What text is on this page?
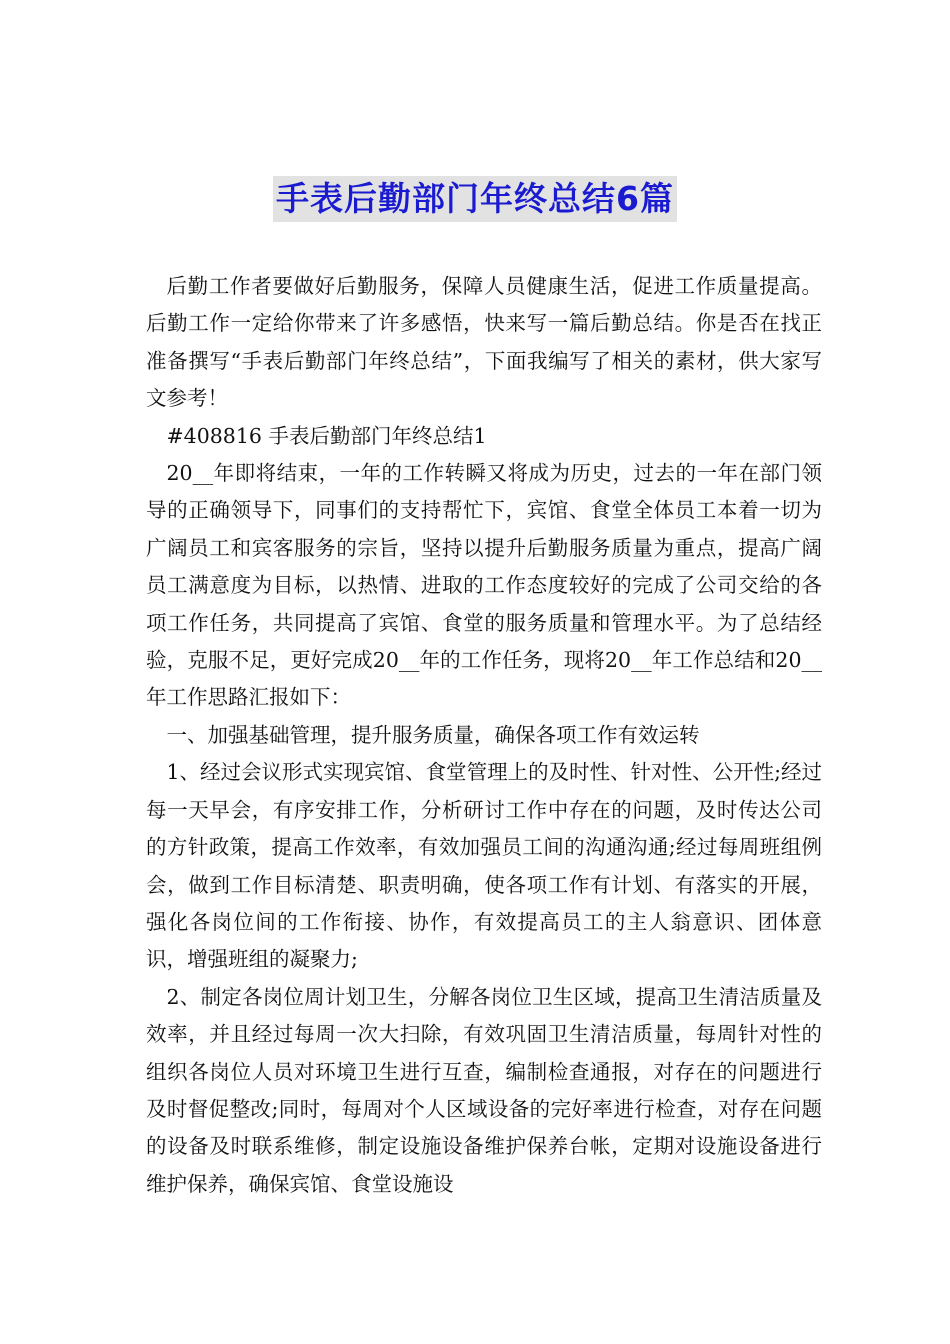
手表后勤部门年终总结6篇

后勤工作者要做好后勤服务，保障人员健康生活，促进工作质量提高。后勤工作一定给你带来了许多感悟，快来写一篇后勤总结。你是否在找正准备撰写“手表后勤部门年终总结”，下面我编写了相关的素材，供大家写文参考！

#408816 手表后勤部门年终总结1

20__年即将结束，一年的工作转瞬又将成为历史，过去的一年在部门领导的正确领导下，同事们的支持帮忙下，宾馆、食堂全体员工本着一切为广阔员工和宾客服务的宗旨，坚持以提升后勤服务质量为重点，提高广阔员工满意度为目标，以热情、进取的工作态度较好的完成了公司交给的各项工作任务，共同提高了宾馆、食堂的服务质量和管理水平。为了总结经验，克服不足，更好完成20__年的工作任务，现将20__年工作总结和20__年工作思路汇报如下：

一、加强基础管理，提升服务质量，确保各项工作有效运转

1、经过会议形式实现宾馆、食堂管理上的及时性、针对性、公开性;经过每一天早会，有序安排工作，分析研讨工作中存在的问题，及时传达公司的方针政策，提高工作效率，有效加强员工间的沟通沟通;经过每周班组例会，做到工作目标清楚、职责明确，使各项工作有计划、有落实的开展，强化各岗位间的工作衔接、协作，有效提高员工的主人翁意识、团体意识，增强班组的凝聚力;

2、制定各岗位周计划卫生，分解各岗位卫生区域，提高卫生清洁质量及效率，并且经过每周一次大扫除，有效巩固卫生清洁质量，每周针对性的组织各岗位人员对环境卫生进行互查，编制检查通报，对存在的问题进行及时督促整改;同时，每周对个人区域设备的完好率进行检查，对存在问题的设备及时联系维修，制定设施设备维护保养台帐，定期对设施设备进行维护保养，确保宾馆、食堂设施设
